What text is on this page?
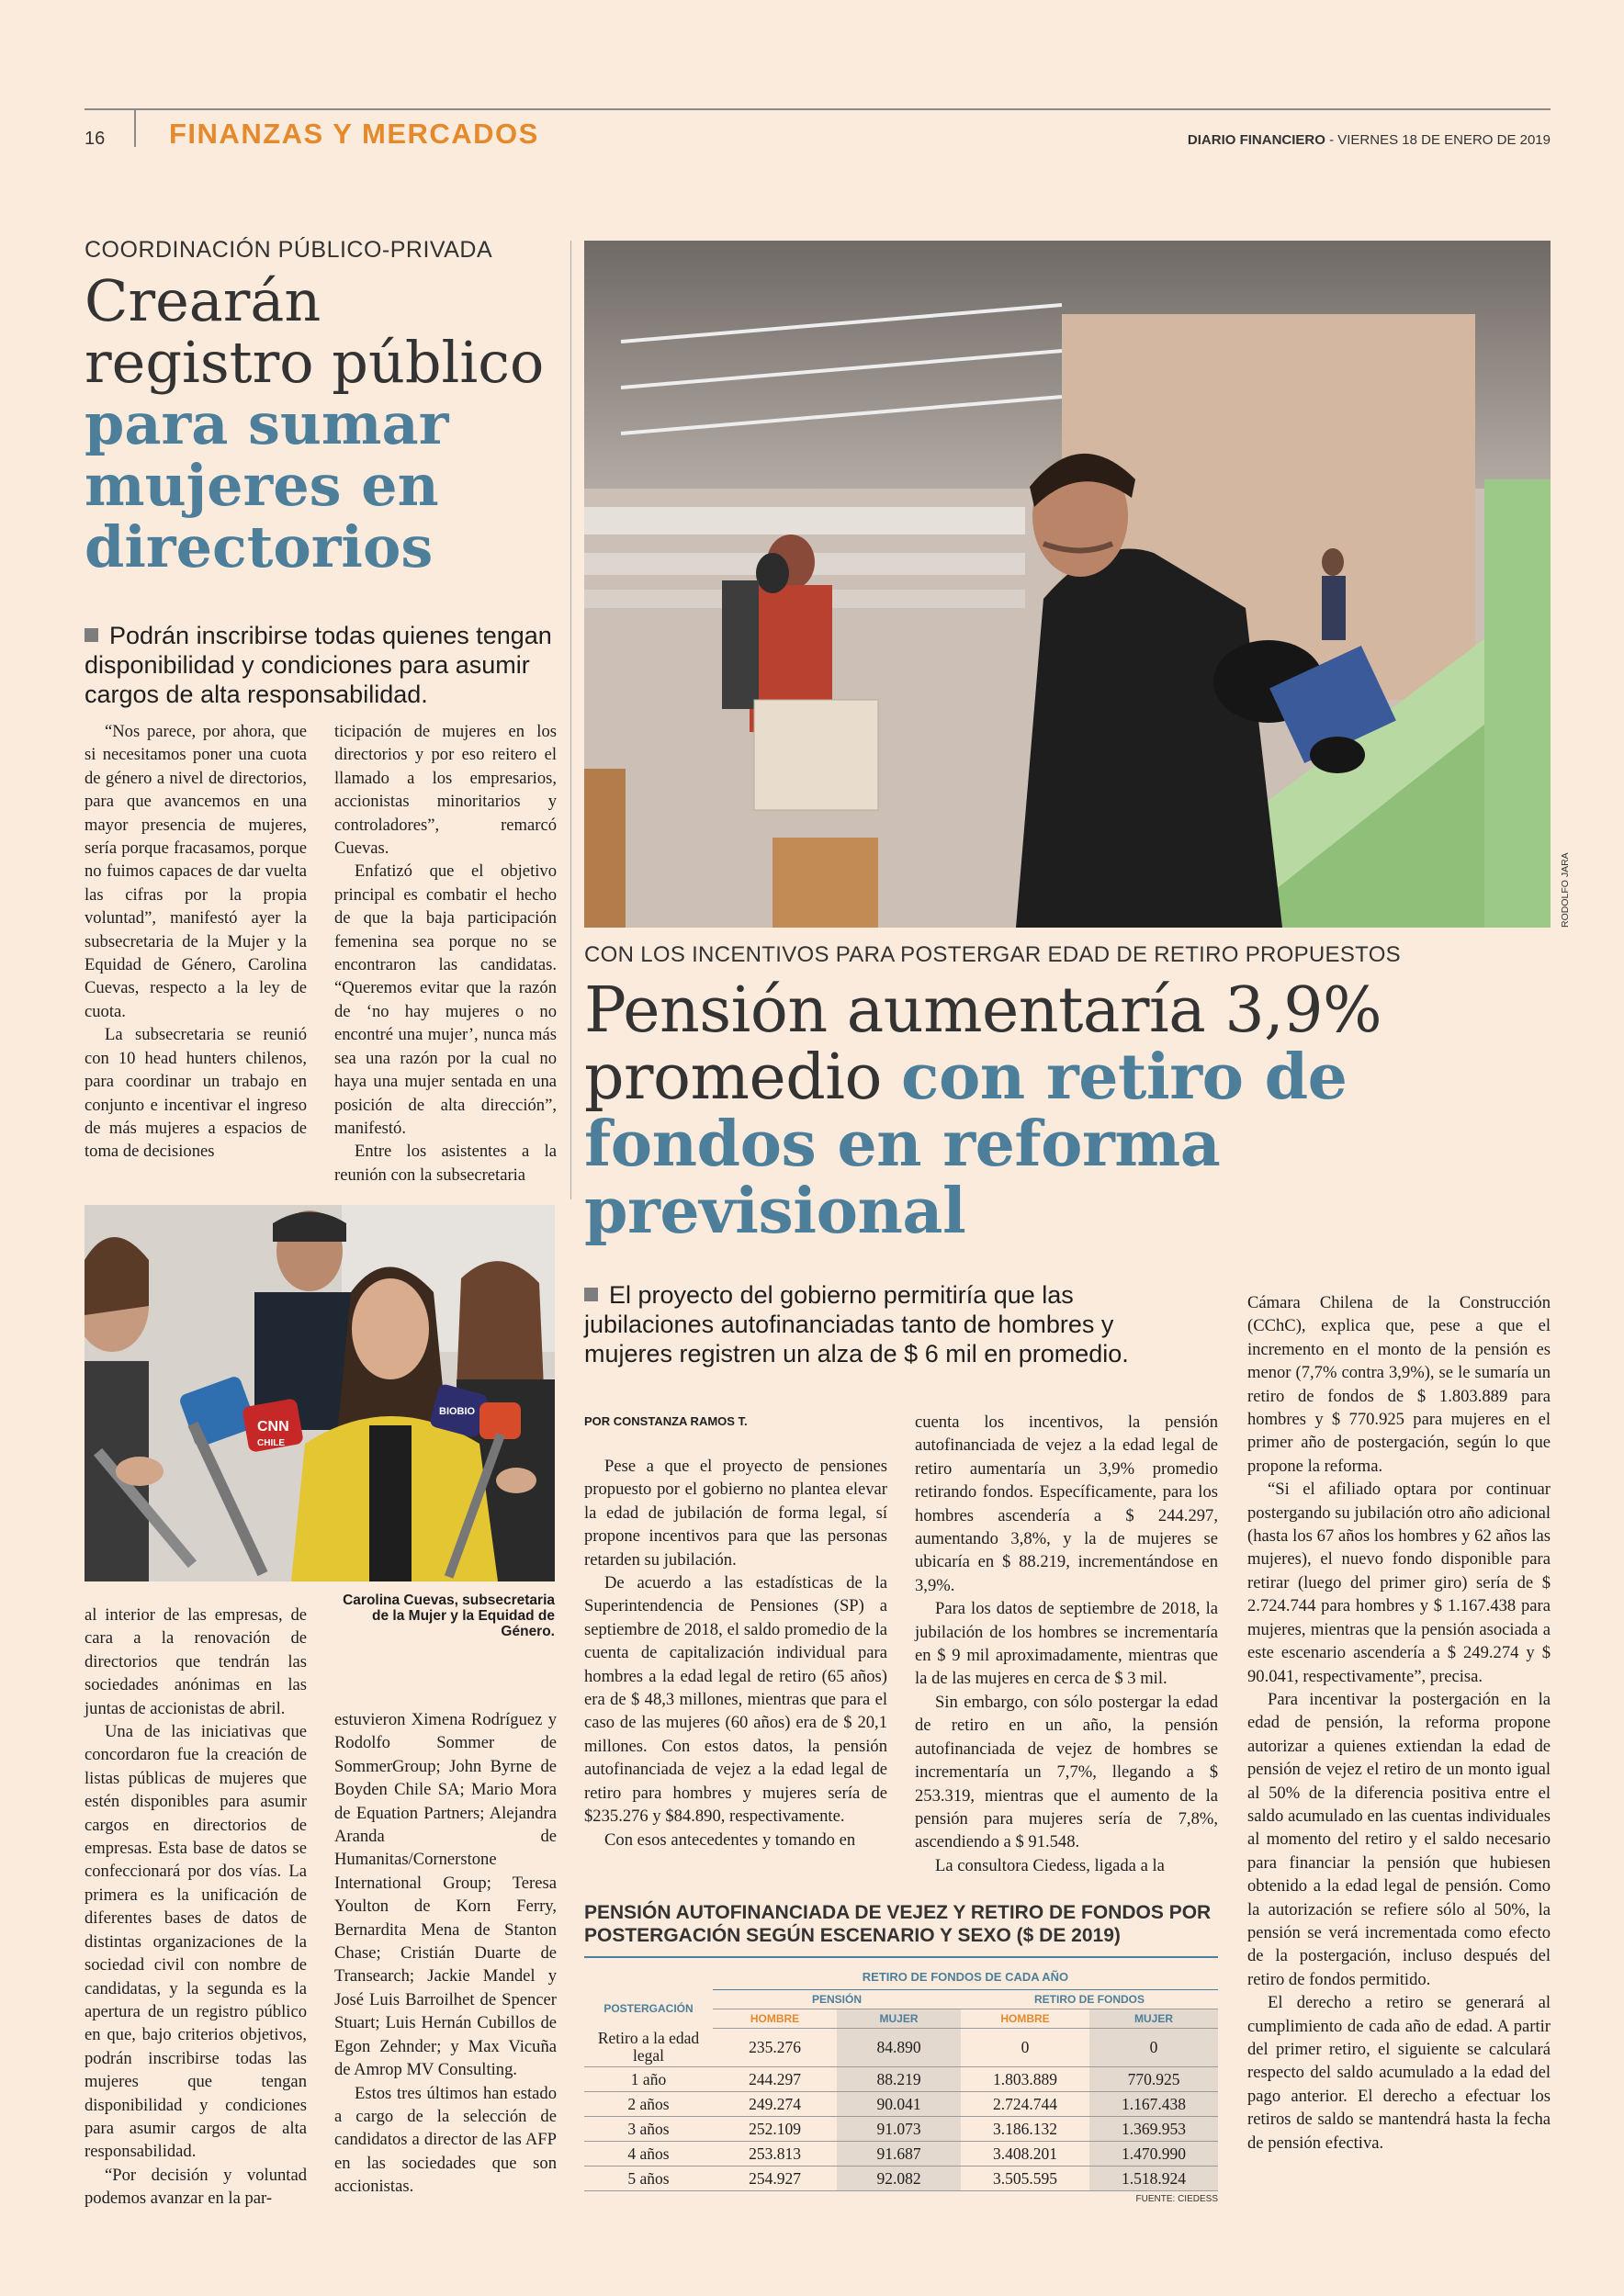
16 FINANZAS Y MERCADOS	DIARIO FINANCIERO - VIERNES 18 DE ENERO DE 2019
COORDINACIÓN PÚBLICO-PRIVADA
Crearán registro público para sumar mujeres en directorios
Podrán inscribirse todas quienes tengan disponibilidad y condiciones para asumir cargos de alta responsabilidad.

“Nos parece, por ahora, que si necesitamos poner una cuota de género a nivel de directorios, para que avancemos en una mayor presencia de mujeres, sería porque fracasamos, porque no fuimos capaces de dar vuelta las cifras por la propia voluntad”, manifestó ayer la subsecretaria de la Mujer y la Equidad de Género, Carolina Cuevas, respecto a la ley de cuota.

La subsecretaria se reunió con 10 head hunters chilenos, para coordinar un trabajo en conjunto e incentivar el ingreso de más mujeres a espacios de toma de decisiones

ticipación de mujeres en los directorios y por eso reitero el llamado a los empresarios, accionistas minoritarios y controladores”, remarcó Cuevas.

Enfatizó que el objetivo principal es combatir el hecho de que la baja participación femenina sea porque no se encontraron las candidatas. “Queremos evitar que la razón de ‘no hay mujeres o no encontré una mujer’, nunca más sea una razón por la cual no haya una mujer sentada en una posición de alta dirección”, manifestó.

Entre los asistentes a la reunión con la subsecretaria

CNN
CHILE
BIOBIO
Carolina Cuevas, subsecretaria de la Mujer y la Equidad de Género.

al interior de las empresas, de cara a la renovación de directorios que tendrán las sociedades anónimas en las juntas de accionistas de abril.

Una de las iniciativas que concordaron fue la creación de listas públicas de mujeres que estén disponibles para asumir cargos en directorios de empresas. Esta base de datos se confeccionará por dos vías. La primera es la unificación de diferentes bases de datos de distintas organizaciones de la sociedad civil con nombre de candidatas, y la segunda es la apertura de un registro público en que, bajo criterios objetivos, podrán inscribirse todas las mujeres que tengan disponibilidad y condiciones para asumir cargos de alta responsabilidad.

“Por decisión y voluntad podemos avanzar en la par-

estuvieron Ximena Rodríguez y Rodolfo Sommer de SommerGroup; John Byrne de Boyden Chile SA; Mario Mora de Equation Partners; Alejandra Aranda de Humanitas/Cornerstone International Group; Teresa Youlton de Korn Ferry, Bernardita Mena de Stanton Chase; Cristián Duarte de Transearch; Jackie Mandel y José Luis Barroilhet de Spencer Stuart; Luis Hernán Cubillos de Egon Zehnder; y Max Vicuña de Amrop MV Consulting.

Estos tres últimos han estado a cargo de la selección de candidatos a director de las AFP en las sociedades que son accionistas.

RODOLFO JARA
CON LOS INCENTIVOS PARA POSTERGAR EDAD DE RETIRO PROPUESTOS
Pensión aumentaría 3,9% promedio con retiro de fondos en reforma previsional
El proyecto del gobierno permitiría que las jubilaciones autofinanciadas tanto de hombres y mujeres registren un alza de $ 6 mil en promedio.
POR CONSTANZA RAMOS T.

Pese a que el proyecto de pensiones propuesto por el gobierno no plantea elevar la edad de jubilación de forma legal, sí propone incentivos para que las personas retarden su jubilación.

De acuerdo a las estadísticas de la Superintendencia de Pensiones (SP) a septiembre de 2018, el saldo promedio de la cuenta de capitalización individual para hombres a la edad legal de retiro (65 años) era de $ 48,3 millones, mientras que para el caso de las mujeres (60 años) era de $ 20,1 millones. Con estos datos, la pensión autofinanciada de vejez a la edad legal de retiro para hombres y mujeres sería de $235.276 y $84.890, respectivamente.

Con esos antecedentes y tomando en

cuenta los incentivos, la pensión autofinanciada de vejez a la edad legal de retiro aumentaría un 3,9% promedio retirando fondos. Específicamente, para los hombres ascendería a $ 244.297, aumentando 3,8%, y la de mujeres se ubicaría en $ 88.219, incrementándose en 3,9%.

Para los datos de septiembre de 2018, la jubilación de los hombres se incrementaría en $ 9 mil aproximadamente, mientras que la de las mujeres en cerca de $ 3 mil.

Sin embargo, con sólo postergar la edad de retiro en un año, la pensión autofinanciada de vejez de hombres se incrementaría un 7,7%, llegando a $ 253.319, mientras que el aumento de la pensión para mujeres sería de 7,8%, ascendiendo a $ 91.548.

La consultora Ciedess, ligada a la

Cámara Chilena de la Construcción (CChC), explica que, pese a que el incremento en el monto de la pensión es menor (7,7% contra 3,9%), se le sumaría un retiro de fondos de $ 1.803.889 para hombres y $ 770.925 para mujeres en el primer año de postergación, según lo que propone la reforma.

“Si el afiliado optara por continuar postergando su jubilación otro año adicional (hasta los 67 años los hombres y 62 años las mujeres), el nuevo fondo disponible para retirar (luego del primer giro) sería de $ 2.724.744 para hombres y $ 1.167.438 para mujeres, mientras que la pensión asociada a este escenario ascendería a $ 249.274 y $ 90.041, respectivamente”, precisa.

Para incentivar la postergación en la edad de pensión, la reforma propone autorizar a quienes extiendan la edad de pensión de vejez el retiro de un monto igual al 50% de la diferencia positiva entre el saldo acumulado en las cuentas individuales al momento del retiro y el saldo necesario para financiar la pensión que hubiesen obtenido a la edad legal de pensión. Como la autorización se refiere sólo al 50%, la pensión se verá incrementada como efecto de la postergación, incluso después del retiro de fondos permitido.

El derecho a retiro se generará al cumplimiento de cada año de edad. A partir del primer retiro, el siguiente se calculará respecto del saldo acumulado a la edad del pago anterior. El derecho a efectuar los retiros de saldo se mantendrá hasta la fecha de pensión efectiva.

PENSIÓN AUTOFINANCIADA DE VEJEZ Y RETIRO DE FONDOS POR POSTERGACIÓN SEGÚN ESCENARIO Y SEXO ($ DE 2019)
	RETIRO DE FONDOS DE CADA AÑO			
POSTERGACIÓN	PENSIÓN		RETIRO DE FONDOS	
	HOMBRE	MUJER	HOMBRE	MUJER
Retiro a la edad legal	235.276	84.890	0	0
1 año	244.297	88.219	1.803.889	770.925
2 años	249.274	90.041	2.724.744	1.167.438
3 años	252.109	91.073	3.186.132	1.369.953
4 años	253.813	91.687	3.408.201	1.470.990
5 años	254.927	92.082	3.505.595	1.518.924
FUENTE: CIEDESS
